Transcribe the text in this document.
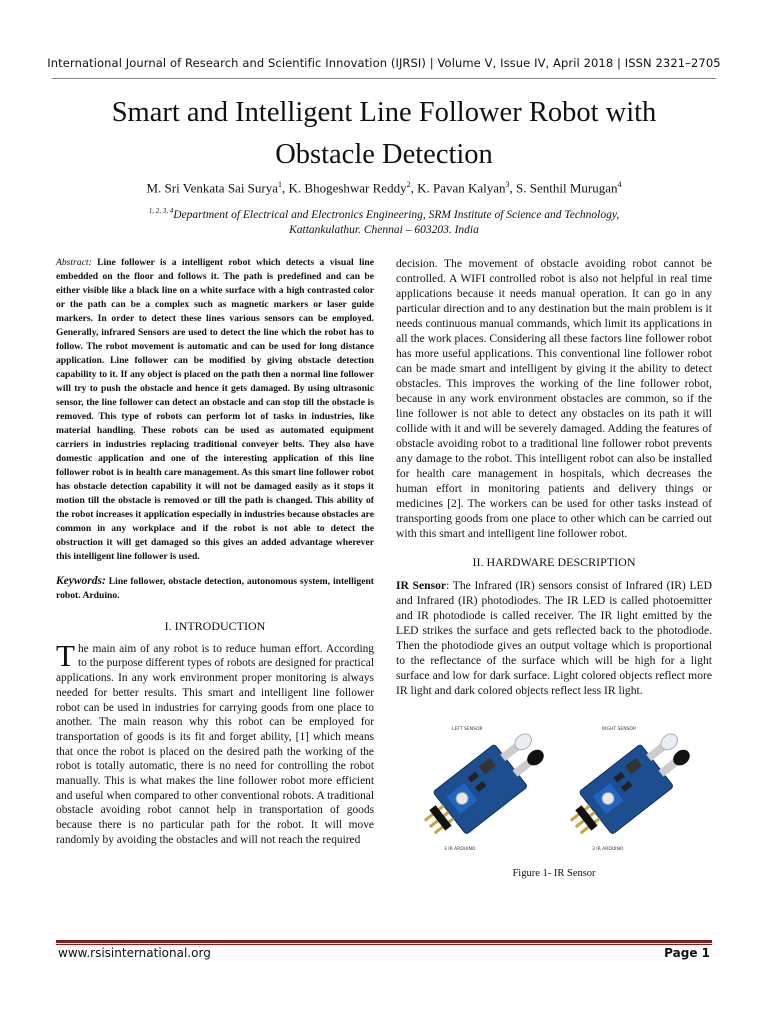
International Journal of Research and Scientific Innovation (IJRSI) | Volume V, Issue IV, April 2018 | ISSN 2321–2705
Smart and Intelligent Line Follower Robot with
Obstacle Detection
M. Sri Venkata Sai Surya$^1$, K. Bhogeshwar Reddy$^2$, K. Pavan Kalyan$^3$, S. Senthil Murugan$^4$
$^{1, 2, 3, 4}$Department of Electrical and Electronics Engineering, SRM Institute of Science and Technology,
Kattankulathur. Chennai – 603203. India

Abstract: Line follower is a intelligent robot which detects a visual line embedded on the floor and follows it. The path is predefined and can be either visible like a black line on a white surface with a high contrasted color or the path can be a complex such as magnetic markers or laser guide markers. In order to detect these lines various sensors can be employed. Generally, infrared Sensors are used to detect the line which the robot has to follow. The robot movement is automatic and can be used for long distance application. Line follower can be modified by giving obstacle detection capability to it. If any object is placed on the path then a normal line follower will try to push the obstacle and hence it gets damaged. By using ultrasonic sensor, the line follower can detect an obstacle and can stop till the obstacle is removed. This type of robots can perform lot of tasks in industries, like material handling. These robots can be used as automated equipment carriers in industries replacing traditional conveyer belts. They also have domestic application and one of the interesting application of this line follower robot is in health care management. As this smart line follower robot has obstacle detection capability it will not be damaged easily as it stops it motion till the obstacle is removed or till the path is changed. This ability of the robot increases it application especially in industries because obstacles are common in any workplace and if the robot is not able to detect the obstruction it will get damaged so this gives an added advantage wherever this intelligent line follower is used.

Keywords: Line follower, obstacle detection, autonomous system, intelligent robot. Arduino.

I. INTRODUCTION

The main aim of any robot is to reduce human effort. According to the purpose different types of robots are designed for practical applications. In any work environment proper monitoring is always needed for better results. This smart and intelligent line follower robot can be used in industries for carrying goods from one place to another. The main reason why this robot can be employed for transportation of goods is its fit and forget ability, [1] which means that once the robot is placed on the desired path the working of the robot is totally automatic, there is no need for controlling the robot manually. This is what makes the line follower robot more efficient and useful when compared to other conventional robots. A traditional obstacle avoiding robot cannot help in transportation of goods because there is no particular path for the robot. It will move randomly by avoiding the obstacles and will not reach the required

decision. The movement of obstacle avoiding robot cannot be controlled. A WIFI controlled robot is also not helpful in real time applications because it needs manual operation. It can go in any particular direction and to any destination but the main problem is it needs continuous manual commands, which limit its applications in all the work places. Considering all these factors line follower robot has more useful applications. This conventional line follower robot can be made smart and intelligent by giving it the ability to detect obstacles. This improves the working of the line follower robot, because in any work environment obstacles are common, so if the line follower is not able to detect any obstacles on its path it will collide with it and will be severely damaged. Adding the features of obstacle avoiding robot to a traditional line follower robot prevents any damage to the robot. This intelligent robot can also be installed for health care management in hospitals, which decreases the human effort in monitoring patients and delivery things or medicines [2]. The workers can be used for other tasks instead of transporting goods from one place to other which can be carried out with this smart and intelligent line follower robot.

II. HARDWARE DESCRIPTION

IR Sensor: The Infrared (IR) sensors consist of Infrared (IR) LED and Infrared (IR) photodiodes. The IR LED is called photoemitter and IR photodiode is called receiver. The IR light emitted by the LED strikes the surface and gets reflected back to the photodiode. Then the photodiode gives an output voltage which is proportional to the reflectance of the surface which will be high for a light surface and low for dark surface. Light colored objects reflect more IR light and dark colored objects reflect less IR light.

LEFT SENSOR	RIGHT SENSOR
3 IR ARDUINO	3 IR ARDUINO
Figure 1- IR Sensor
www.rsisinternational.org	Page 1
